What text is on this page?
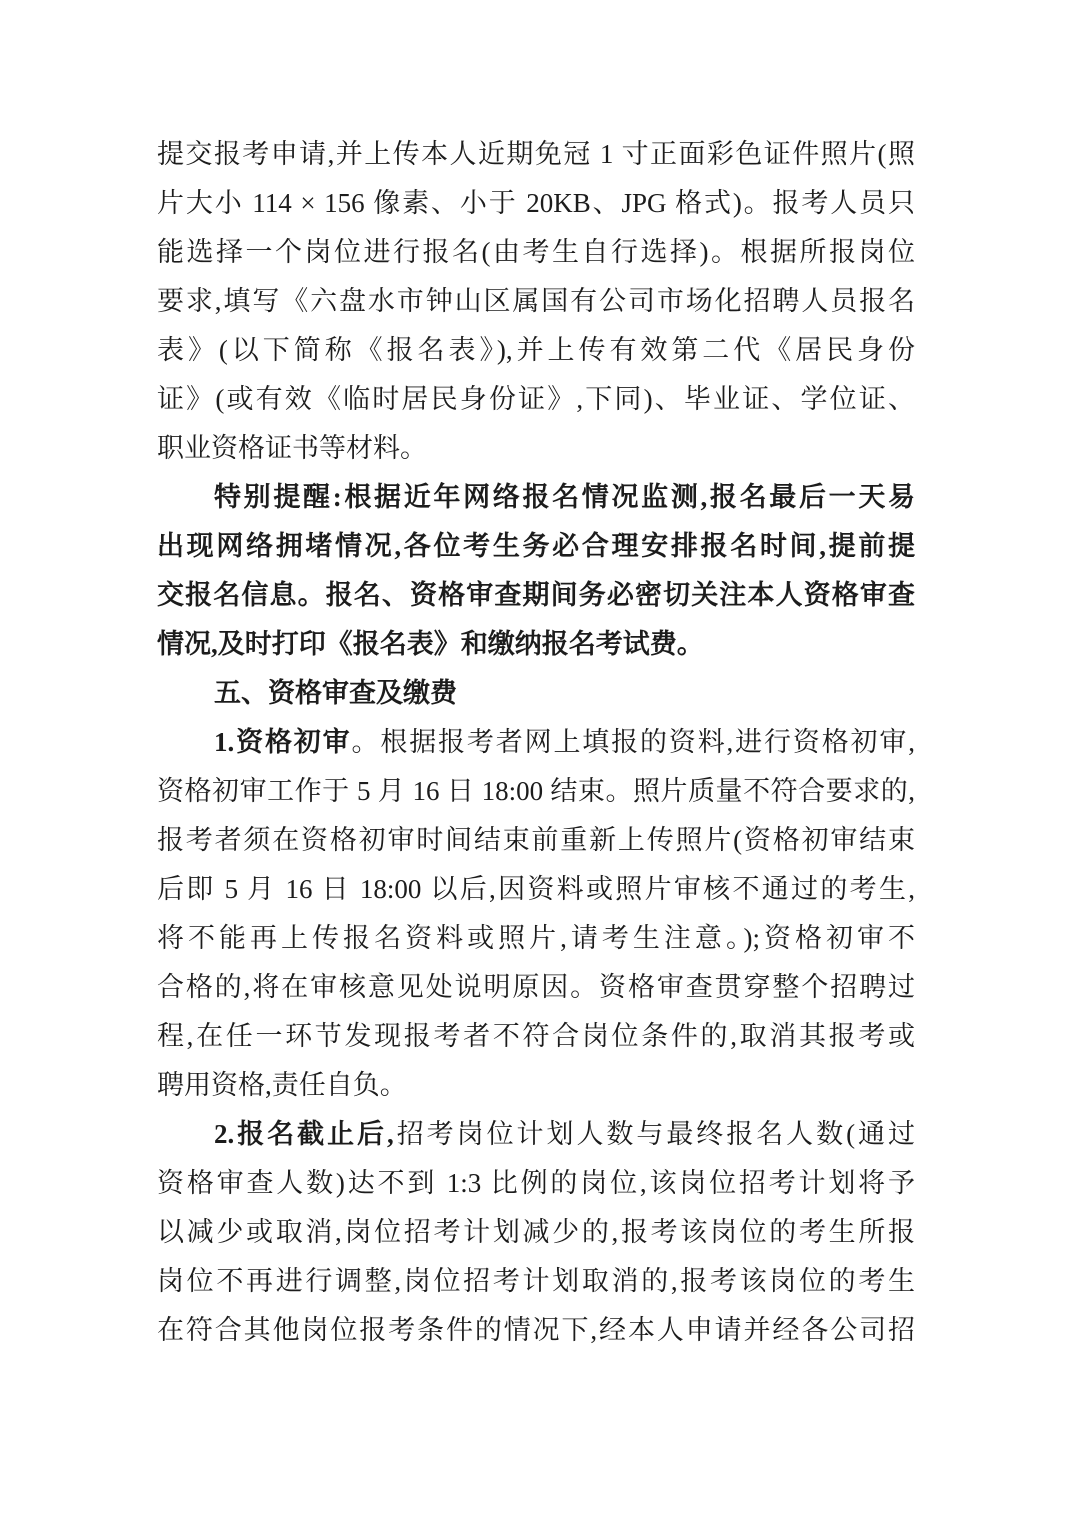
提交报考申请,并上传本人近期免冠 1 寸正面彩色证件照片(照
片大小 114 × 156 像素、小于 20KB、JPG 格式)。报考人员只
能选择一个岗位进行报名(由考生自行选择)。根据所报岗位
要求,填写《六盘水市钟山区属国有公司市场化招聘人员报名
表》(以下简称《报名表》),并上传有效第二代《居民身份
证》(或有效《临时居民身份证》,下同)、毕业证、学位证、
职业资格证书等材料。
特别提醒:根据近年网络报名情况监测,报名最后一天易
出现网络拥堵情况,各位考生务必合理安排报名时间,提前提
交报名信息。报名、资格审查期间务必密切关注本人资格审查
情况,及时打印《报名表》和缴纳报名考试费。
五、资格审查及缴费
1.资格初审。根据报考者网上填报的资料,进行资格初审,
资格初审工作于 5 月 16 日 18:00 结束。照片质量不符合要求的,
报考者须在资格初审时间结束前重新上传照片(资格初审结束
后即 5 月 16 日 18:00 以后,因资料或照片审核不通过的考生,
将不能再上传报名资料或照片,请考生注意。);资格初审不
合格的,将在审核意见处说明原因。资格审查贯穿整个招聘过
程,在任一环节发现报考者不符合岗位条件的,取消其报考或
聘用资格,责任自负。
2.报名截止后,招考岗位计划人数与最终报名人数(通过
资格审查人数)达不到 1:3 比例的岗位,该岗位招考计划将予
以减少或取消,岗位招考计划减少的,报考该岗位的考生所报
岗位不再进行调整,岗位招考计划取消的,报考该岗位的考生
在符合其他岗位报考条件的情况下,经本人申请并经各公司招
